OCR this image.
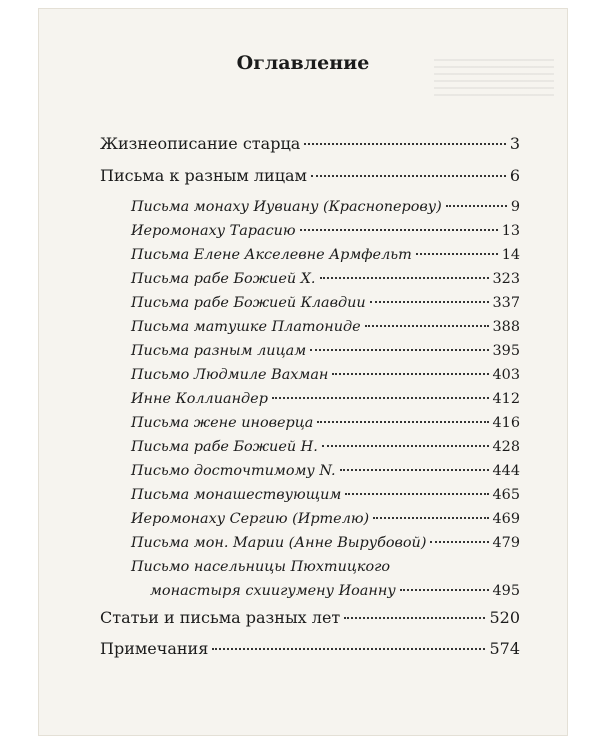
Оглавление
Жизнеописание старца	3
Письма к разным лицам	6
Письма монаху Иувиану (Красноперову)	9
Иеромонаху Тарасию	13
Письма Елене Акселевне Армфельт	14
Письма рабе Божией Х.	323
Письма рабе Божией Клавдии	337
Письма матушке Платониде	388
Письма разным лицам	395
Письмо Людмиле Вахман	403
Инне Коллиандер	412
Письма жене иноверца	416
Письма рабе Божией Н.	428
Письмо досточтимому N.	444
Письма монашествующим	465
Иеромонаху Сергию (Иртелю)	469
Письма мон. Марии (Анне Вырубовой)	479
Письмо насельницы Пюхтицкого
монастыря схиигумену Иоанну	495
Статьи и письма разных лет	520
Примечания	574
